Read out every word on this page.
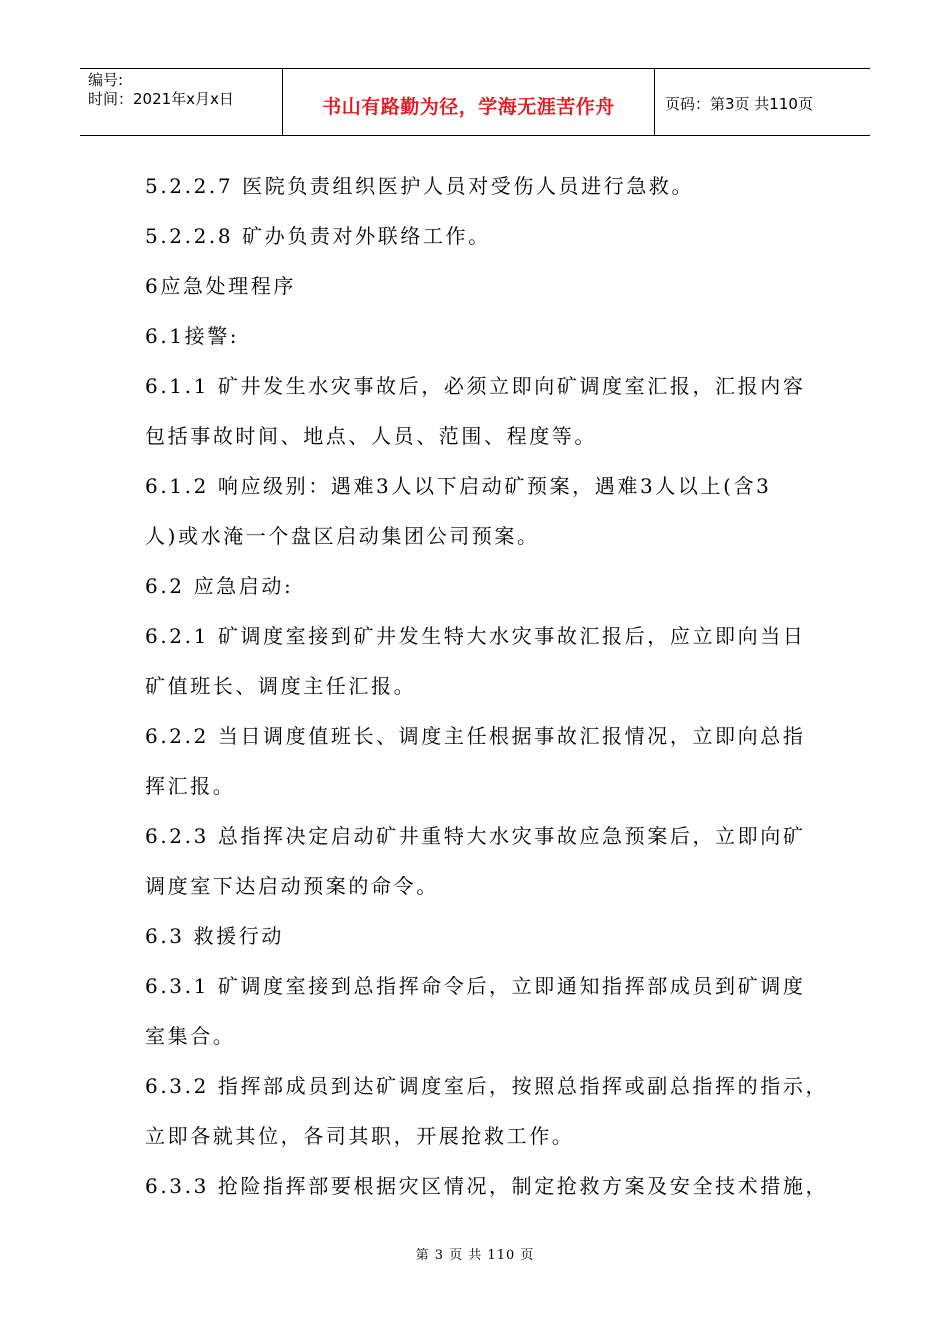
编号:
时间：2021年x月x日	书山有路勤为径，学海无涯苦作舟	页码：第3页 共110页
5.2.2.7 医院负责组织医护人员对受伤人员进行急救。
5.2.2.8 矿办负责对外联络工作。
6应急处理程序
6.1接警:
6.1.1 矿井发生水灾事故后，必须立即向矿调度室汇报，汇报内容
包括事故时间、地点、人员、范围、程度等。
6.1.2 响应级别：遇难3人以下启动矿预案，遇难3人以上(含3
人)或水淹一个盘区启动集团公司预案。
6.2 应急启动:
6.2.1 矿调度室接到矿井发生特大水灾事故汇报后，应立即向当日
矿值班长、调度主任汇报。
6.2.2 当日调度值班长、调度主任根据事故汇报情况，立即向总指
挥汇报。
6.2.3 总指挥决定启动矿井重特大水灾事故应急预案后，立即向矿
调度室下达启动预案的命令。
6.3 救援行动
6.3.1 矿调度室接到总指挥命令后，立即通知指挥部成员到矿调度
室集合。
6.3.2 指挥部成员到达矿调度室后，按照总指挥或副总指挥的指示，
立即各就其位，各司其职，开展抢救工作。
6.3.3 抢险指挥部要根据灾区情况，制定抢救方案及安全技术措施，
第 3 页 共 110 页
